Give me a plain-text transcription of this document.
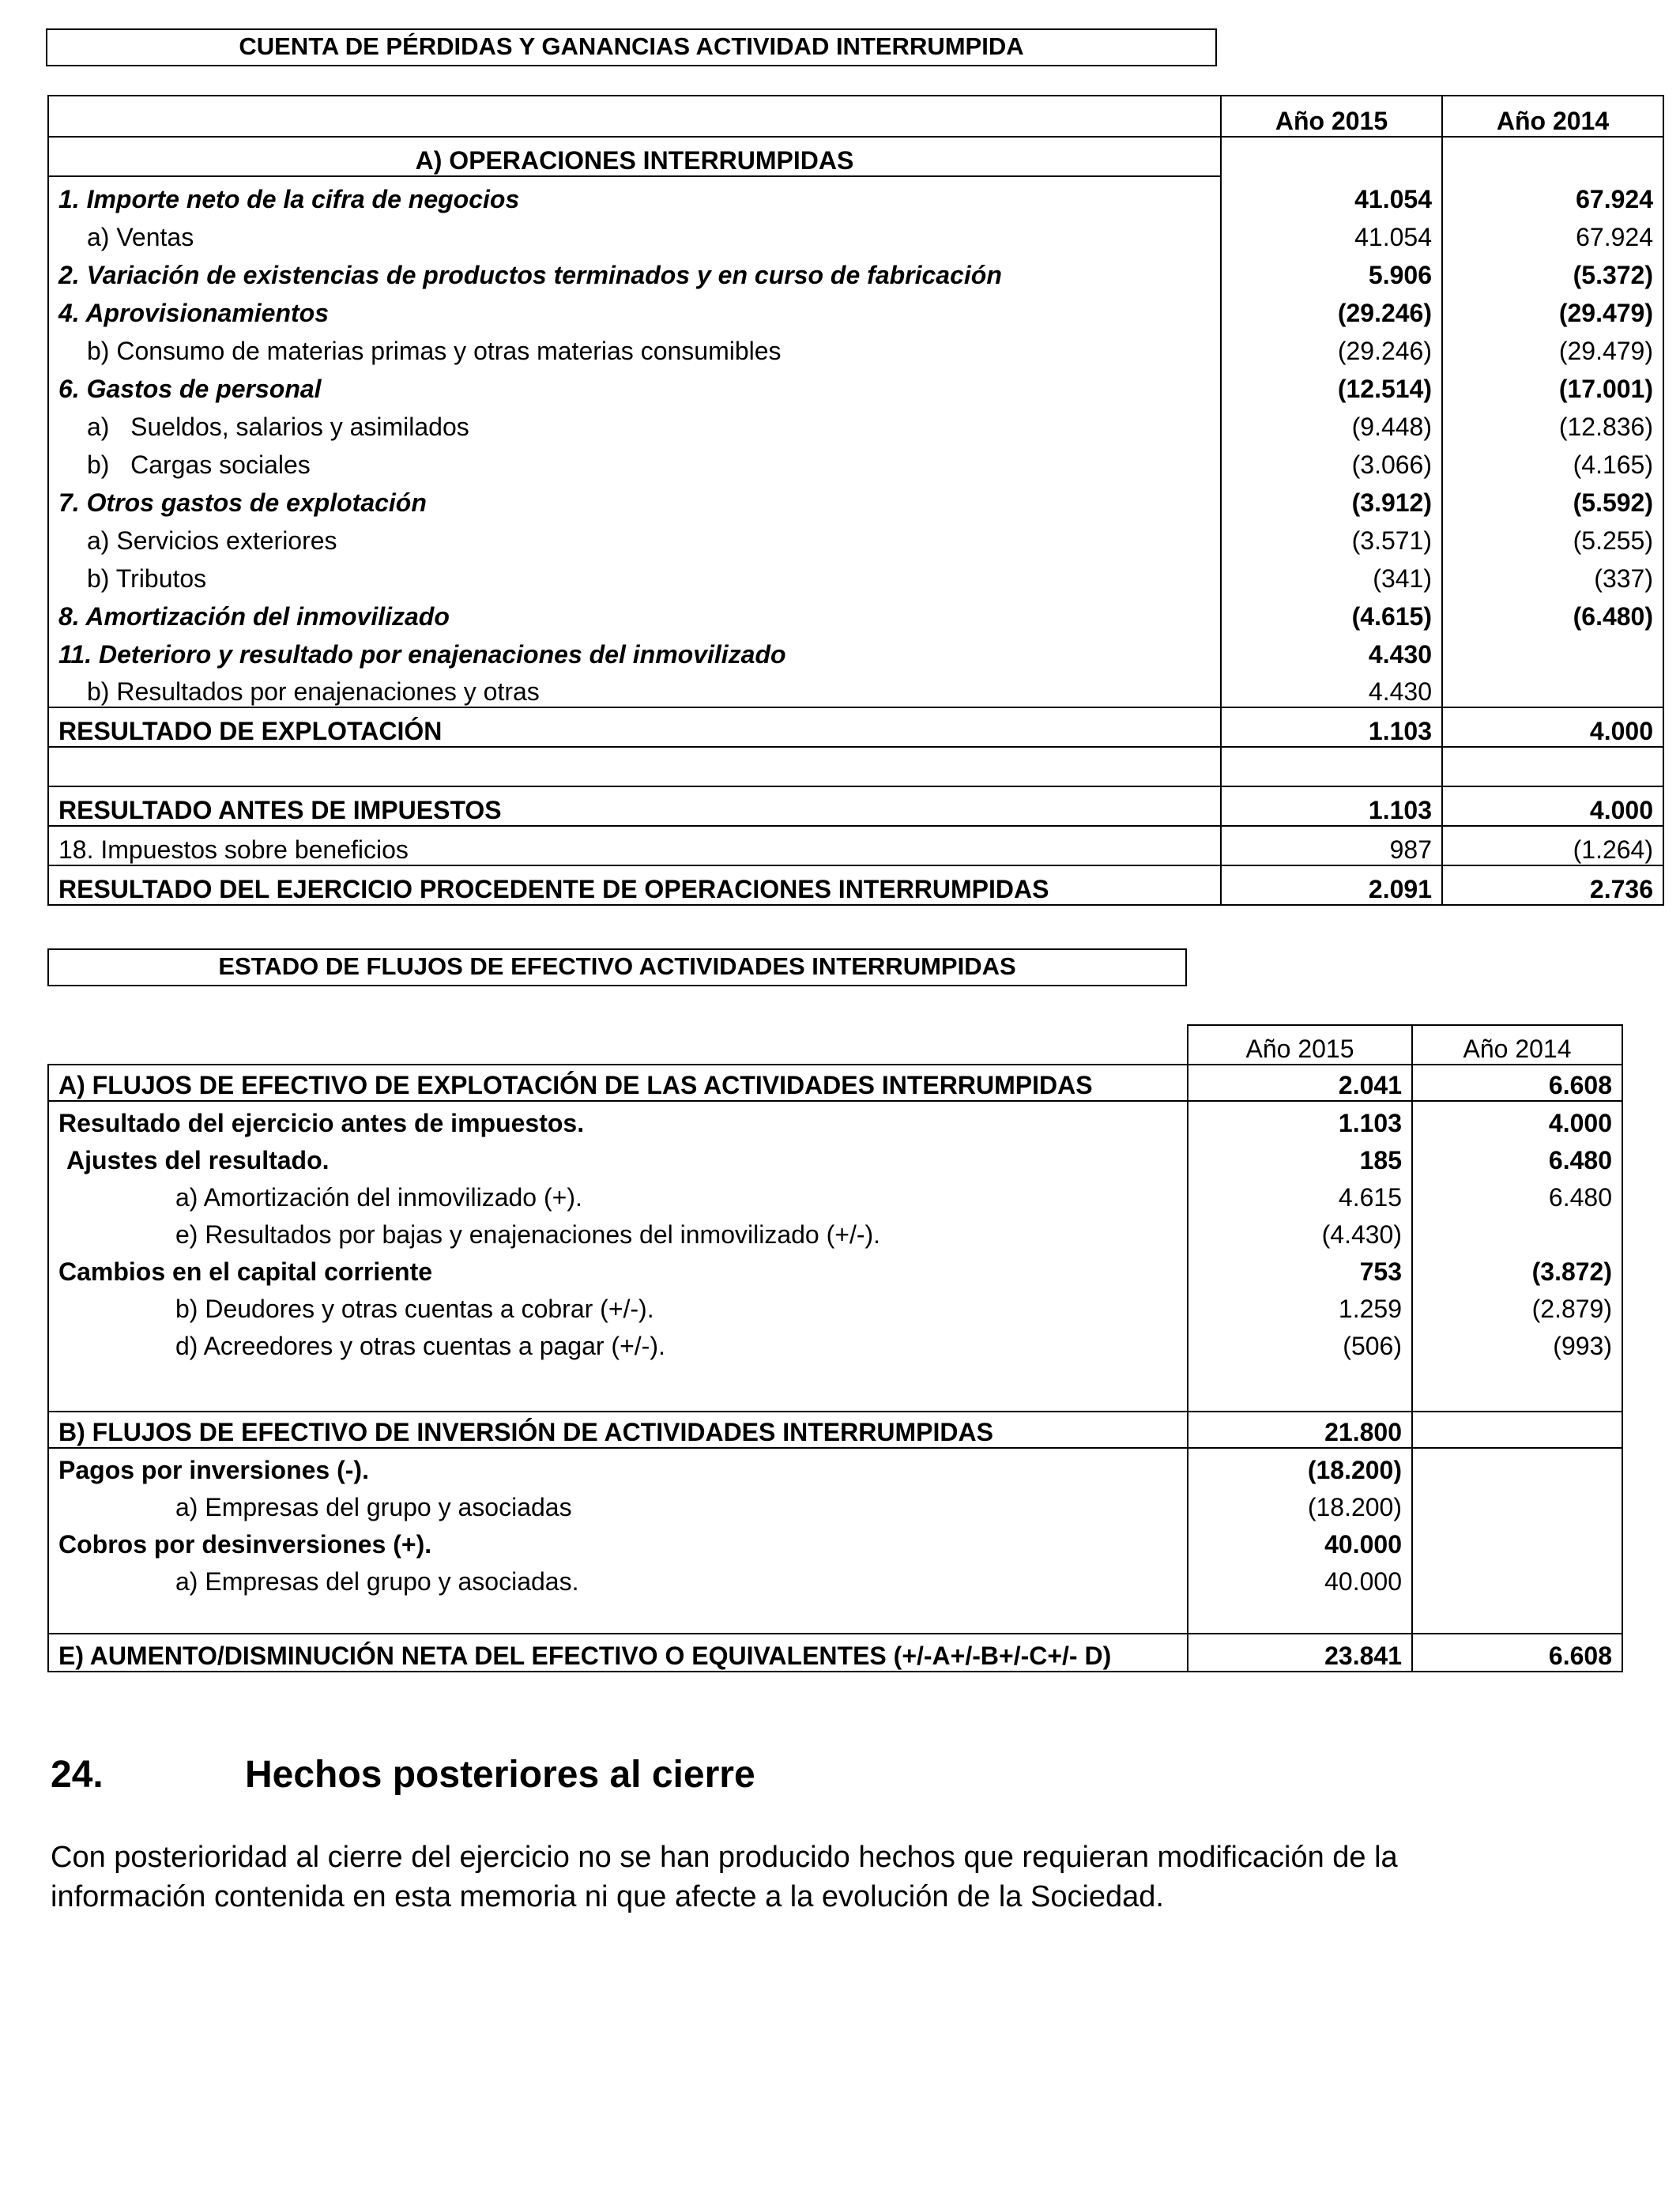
CUENTA DE PÉRDIDAS Y GANANCIAS ACTIVIDAD INTERRUMPIDA
	Año 2015	Año 2014
A) OPERACIONES INTERRUMPIDAS		
1. Importe neto de la cifra de negocios	41.054	67.924
a) Ventas	41.054	67.924
2. Variación de existencias de productos terminados y en curso de fabricación	5.906	(5.372)
4. Aprovisionamientos	(29.246)	(29.479)
b) Consumo de materias primas y otras materias consumibles	(29.246)	(29.479)
6. Gastos de personal	(12.514)	(17.001)
a)   Sueldos, salarios y asimilados	(9.448)	(12.836)
b)   Cargas sociales	(3.066)	(4.165)
7. Otros gastos de explotación	(3.912)	(5.592)
a) Servicios exteriores	(3.571)	(5.255)
b) Tributos	(341)	(337)
8. Amortización del inmovilizado	(4.615)	(6.480)
11. Deterioro y resultado por enajenaciones del inmovilizado	4.430	
b) Resultados por enajenaciones y otras	4.430	
RESULTADO DE EXPLOTACIÓN	1.103	4.000

RESULTADO ANTES DE IMPUESTOS	1.103	4.000
18. Impuestos sobre beneficios	987	(1.264)
RESULTADO DEL EJERCICIO PROCEDENTE DE OPERACIONES INTERRUMPIDAS	2.091	2.736
ESTADO DE FLUJOS DE EFECTIVO ACTIVIDADES INTERRUMPIDAS
	Año 2015	Año 2014
A) FLUJOS DE EFECTIVO DE EXPLOTACIÓN DE LAS ACTIVIDADES INTERRUMPIDAS	2.041	6.608
Resultado del ejercicio antes de impuestos.	1.103	4.000
Ajustes del resultado.	185	6.480
a) Amortización del inmovilizado (+).	4.615	6.480
e) Resultados por bajas y enajenaciones del inmovilizado (+/-).	(4.430)	
Cambios en el capital corriente	753	(3.872)
b) Deudores y otras cuentas a cobrar (+/-).	1.259	(2.879)
d) Acreedores y otras cuentas a pagar (+/-).	(506)	(993)

B) FLUJOS DE EFECTIVO DE INVERSIÓN DE ACTIVIDADES INTERRUMPIDAS	21.800	
Pagos por inversiones (-).	(18.200)	
a) Empresas del grupo y asociadas	(18.200)	
Cobros por desinversiones (+).	40.000	
a) Empresas del grupo y asociadas.	40.000	

E) AUMENTO/DISMINUCIÓN NETA DEL EFECTIVO O EQUIVALENTES (+/-A+/-B+/-C+/- D)	23.841	6.608
24.	Hechos posteriores al cierre

Con posterioridad al cierre del ejercicio no se han producido hechos que requieran modificación de la información contenida en esta memoria ni que afecte a la evolución de la Sociedad.
